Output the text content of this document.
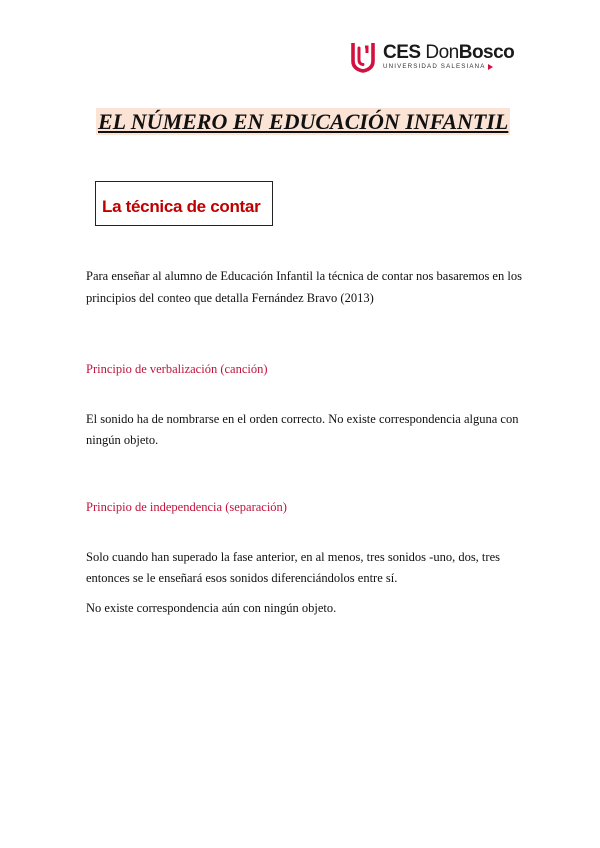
CES DonBosco
UNIVERSIDAD SALESIANA
EL NÚMERO EN EDUCACIÓN INFANTIL
La técnica de contar
Para enseñar al alumno de Educación Infantil la técnica de contar nos basaremos en los
principios del conteo que detalla Fernández Bravo (2013)
Principio de verbalización (canción)
El sonido ha de nombrarse en el orden correcto. No existe correspondencia alguna con
ningún objeto.
Principio de independencia (separación)
Solo cuando han superado la fase anterior, en al menos, tres sonidos -uno, dos, tres
entonces se le enseñará esos sonidos diferenciándolos entre sí.
No existe correspondencia aún con ningún objeto.
